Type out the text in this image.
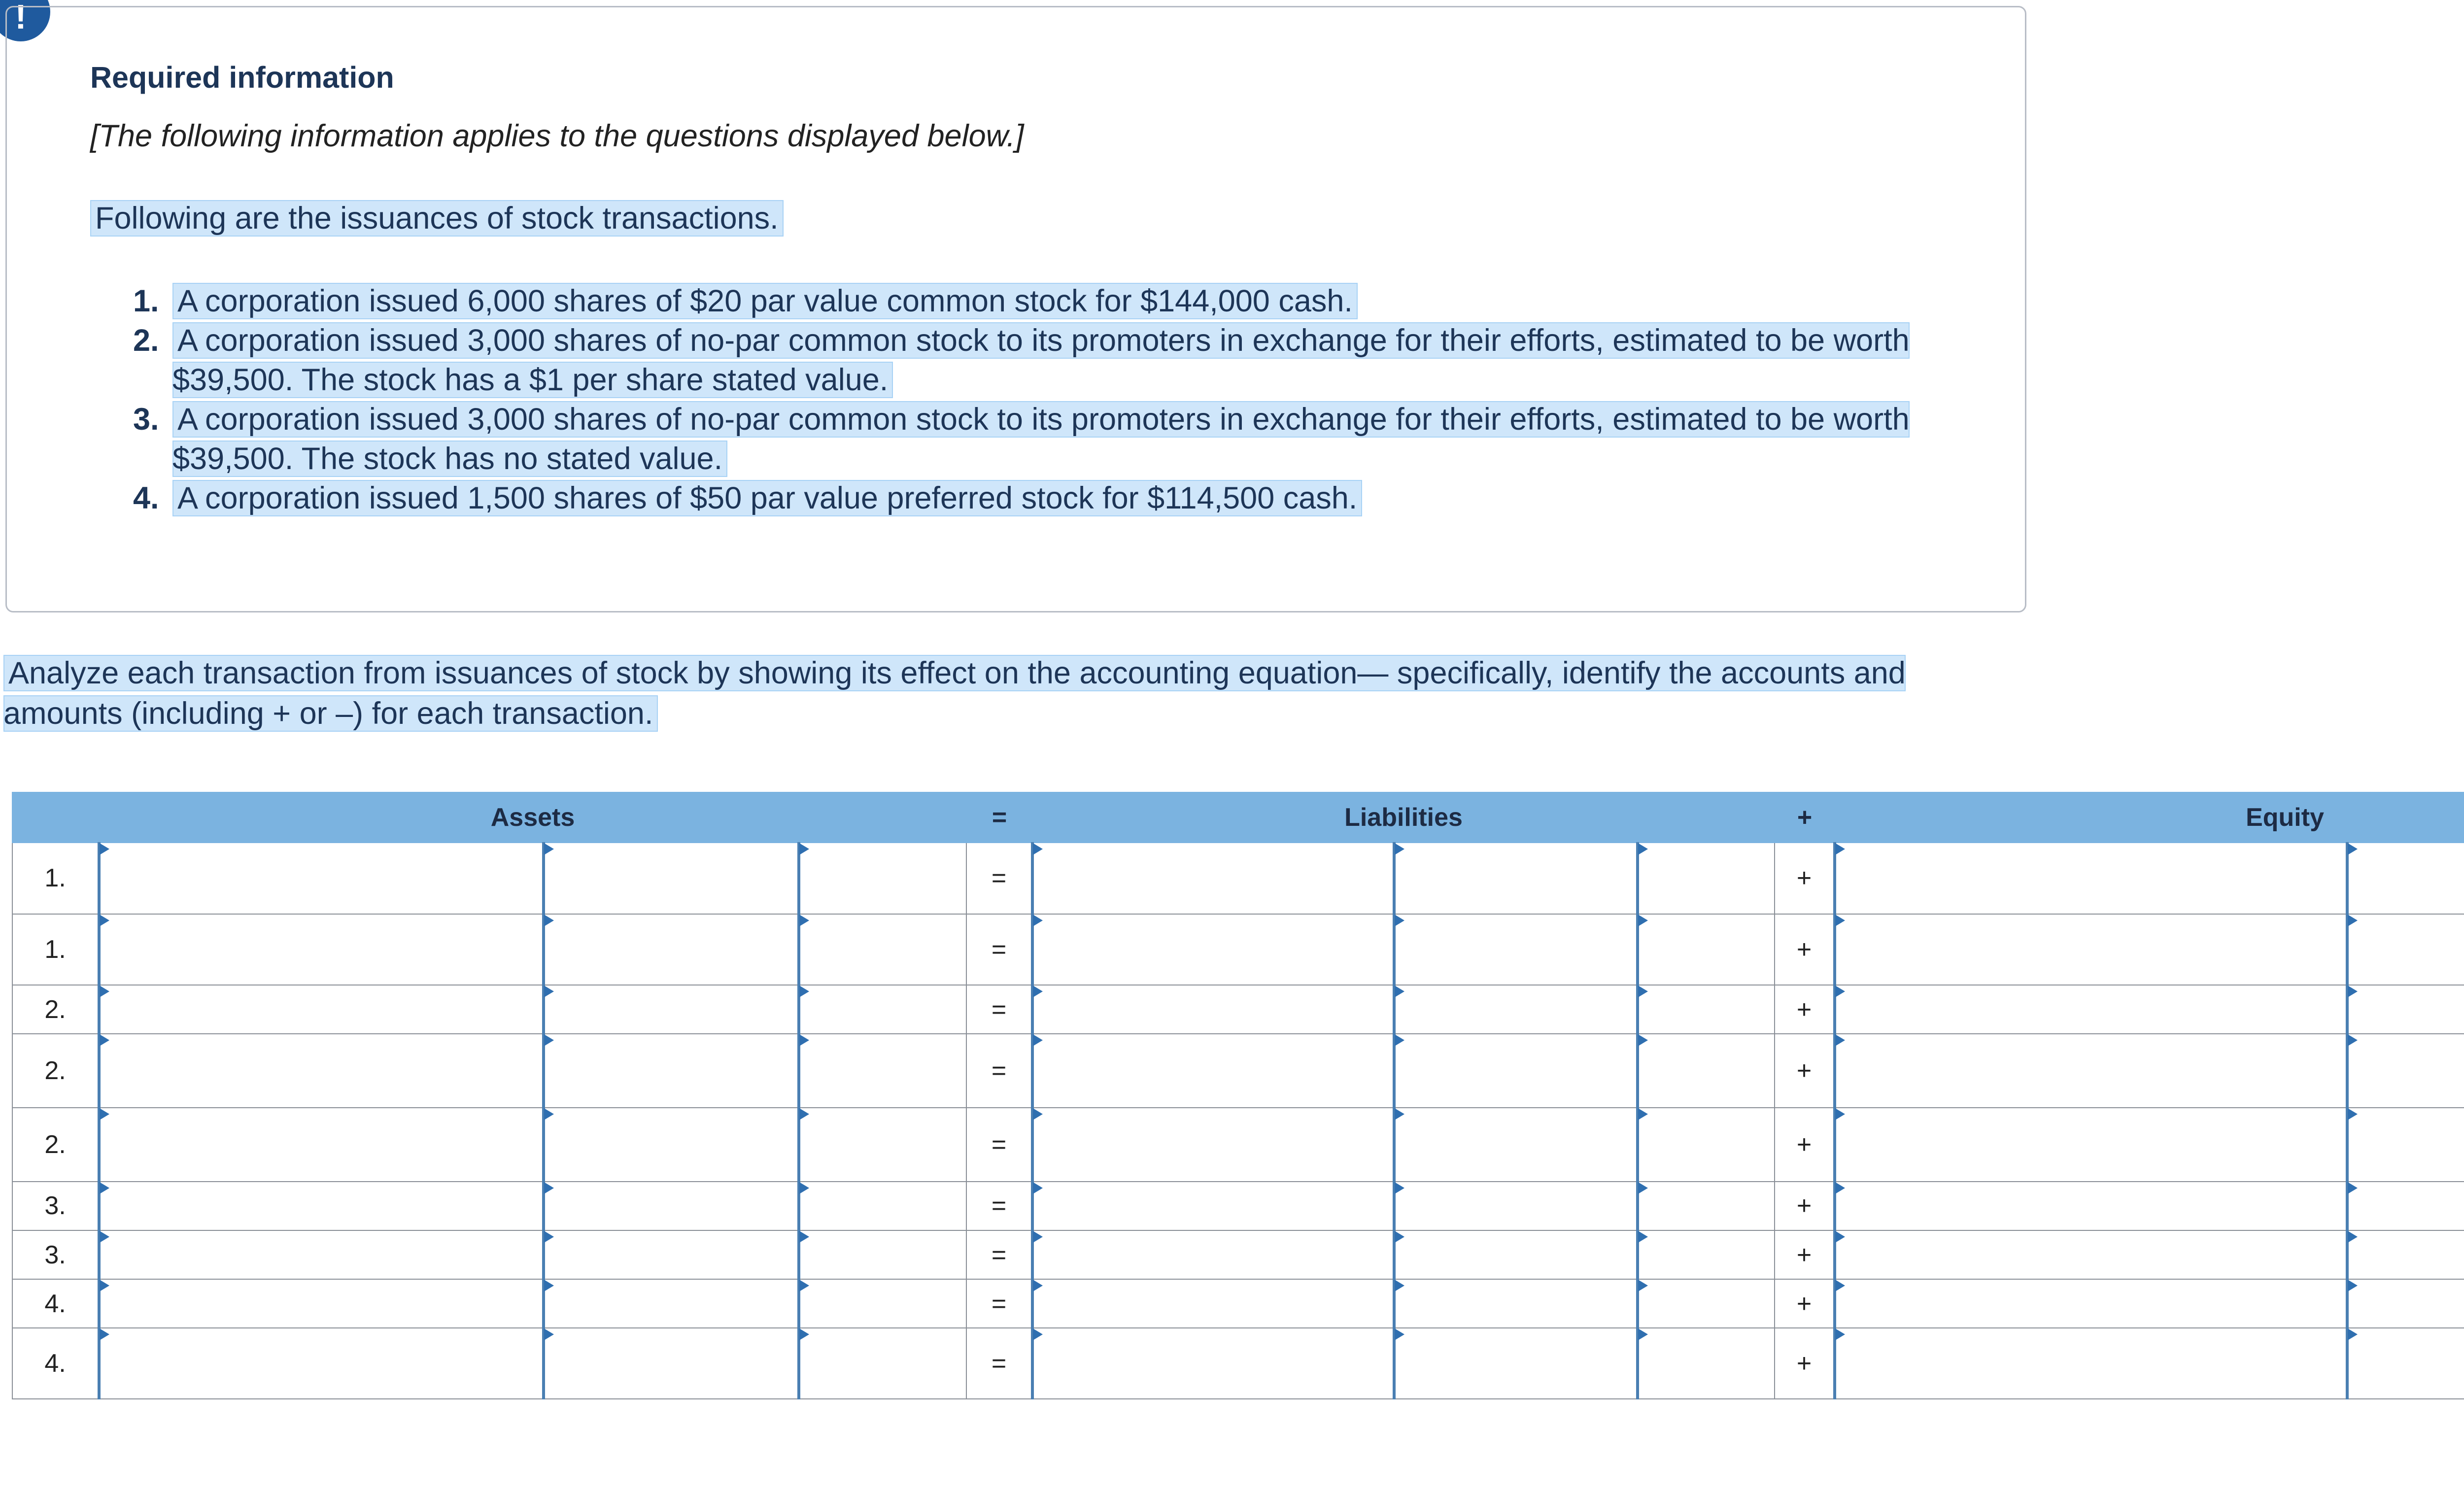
!
Required information
[The following information applies to the questions displayed below.]
Following are the issuances of stock transactions.
1. A corporation issued 6,000 shares of $20 par value common stock for $144,000 cash.
2. A corporation issued 3,000 shares of no-par common stock to its promoters in exchange for their efforts, estimated to be worth $39,500. The stock has a $1 per share stated value.
3. A corporation issued 3,000 shares of no-par common stock to its promoters in exchange for their efforts, estimated to be worth $39,500. The stock has no stated value.
4. A corporation issued 1,500 shares of $50 par value preferred stock for $114,500 cash.
Analyze each transaction from issuances of stock by showing its effect on the accounting equation— specifically, identify the accounts and amounts (including + or –) for each transaction.
	Assets			=	Liabilities			+	Equity		
1.				=				+			
1.				=				+			
2.				=				+			
2.				=				+			
2.				=				+			
3.				=				+			
3.				=				+			
4.				=				+			
4.				=				+			
